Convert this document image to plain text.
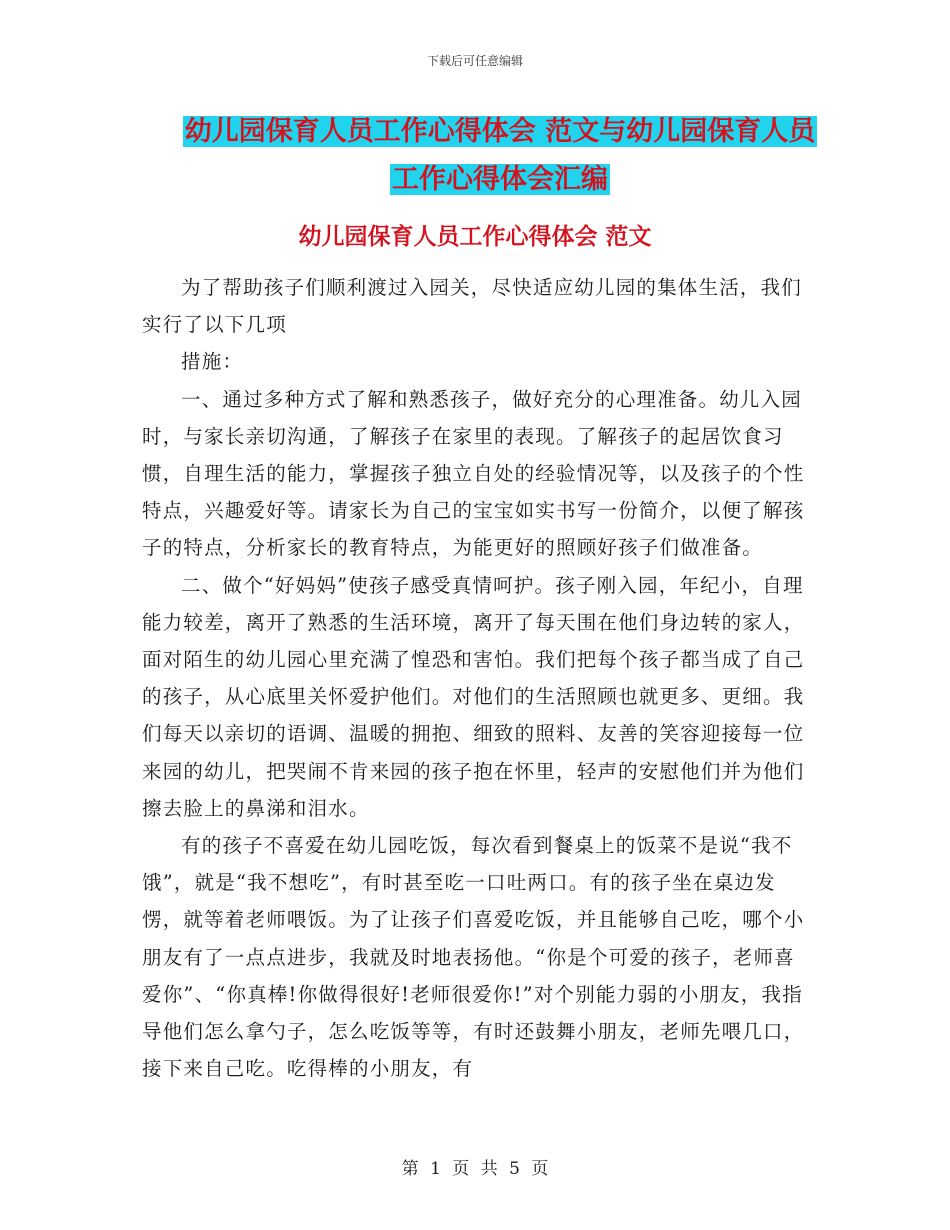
下载后可任意编辑
幼儿园保育人员工作心得体会 范文与幼儿园保育人员
工作心得体会汇编
幼儿园保育人员工作心得体会 范文

为了帮助孩子们顺利渡过入园关，尽快适应幼儿园的集体生活，我们实行了以下几项

措施：

一、通过多种方式了解和熟悉孩子，做好充分的心理准备。幼儿入园时，与家长亲切沟通，了解孩子在家里的表现。了解孩子的起居饮食习惯，自理生活的能力，掌握孩子独立自处的经验情况等，以及孩子的个性特点，兴趣爱好等。请家长为自己的宝宝如实书写一份简介，以便了解孩子的特点，分析家长的教育特点，为能更好的照顾好孩子们做准备。

二、做个“好妈妈”使孩子感受真情呵护。孩子刚入园，年纪小，自理能力较差，离开了熟悉的生活环境，离开了每天围在他们身边转的家人，面对陌生的幼儿园心里充满了惶恐和害怕。我们把每个孩子都当成了自己的孩子，从心底里关怀爱护他们。对他们的生活照顾也就更多、更细。我们每天以亲切的语调、温暖的拥抱、细致的照料、友善的笑容迎接每一位来园的幼儿，把哭闹不肯来园的孩子抱在怀里，轻声的安慰他们并为他们擦去脸上的鼻涕和泪水。

有的孩子不喜爱在幼儿园吃饭，每次看到餐桌上的饭菜不是说“我不饿”，就是“我不想吃”，有时甚至吃一口吐两口。有的孩子坐在桌边发愣，就等着老师喂饭。为了让孩子们喜爱吃饭，并且能够自己吃，哪个小朋友有了一点点进步，我就及时地表扬他。“你是个可爱的孩子，老师喜爱你”、“你真棒!你做得很好!老师很爱你!”对个别能力弱的小朋友，我指导他们怎么拿勺子，怎么吃饭等等，有时还鼓舞小朋友，老师先喂几口，接下来自己吃。吃得棒的小朋友，有

第 1 页 共 5 页
